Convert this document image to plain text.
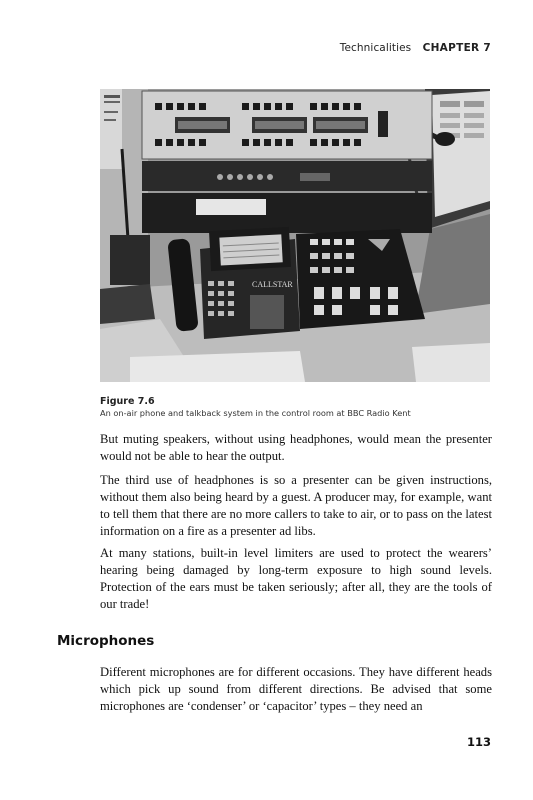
Technicalities CHAPTER 7
CALLSTAR
Figure 7.6
An on-air phone and talkback system in the control room at BBC Radio Kent

But muting speakers, without using headphones, would mean the presenter would not be able to hear the output.

The third use of headphones is so a presenter can be given instructions, without them also being heard by a guest. A producer may, for example, want to tell them that there are no more callers to take to air, or to pass on the latest information on a fire as a presenter ad libs.

At many stations, built-in level limiters are used to protect the wearers’ hearing being damaged by long-term exposure to high sound levels. Protection of the ears must be taken seriously; after all, they are the tools of our trade!

Microphones

Different microphones are for different occasions. They have different heads which pick up sound from different directions. Be advised that some microphones are ‘condenser’ or ‘capacitor’ types – they need an

113
